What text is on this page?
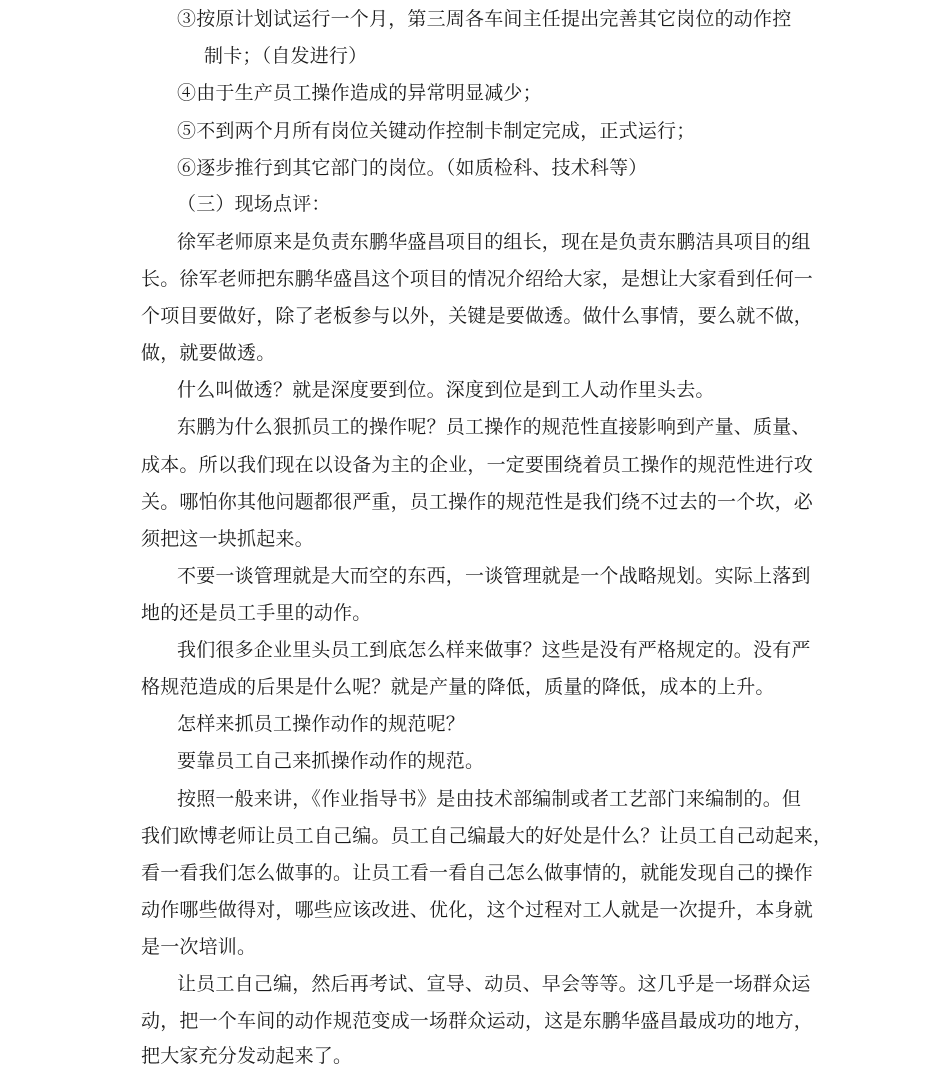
③按原计划试运行一个月，第三周各车间主任提出完善其它岗位的动作控
制卡；（自发进行）
④由于生产员工操作造成的异常明显减少；
⑤不到两个月所有岗位关键动作控制卡制定完成，正式运行；
⑥逐步推行到其它部门的岗位。（如质检科、技术科等）
（三）现场点评：
徐军老师原来是负责东鹏华盛昌项目的组长，现在是负责东鹏洁具项目的组
长。徐军老师把东鹏华盛昌这个项目的情况介绍给大家，是想让大家看到任何一
个项目要做好，除了老板参与以外，关键是要做透。做什么事情，要么就不做，
做，就要做透。
什么叫做透？就是深度要到位。深度到位是到工人动作里头去。
东鹏为什么狠抓员工的操作呢？员工操作的规范性直接影响到产量、质量、
成本。所以我们现在以设备为主的企业，一定要围绕着员工操作的规范性进行攻
关。哪怕你其他问题都很严重，员工操作的规范性是我们绕不过去的一个坎，必
须把这一块抓起来。
不要一谈管理就是大而空的东西，一谈管理就是一个战略规划。实际上落到
地的还是员工手里的动作。
我们很多企业里头员工到底怎么样来做事？这些是没有严格规定的。没有严
格规范造成的后果是什么呢？就是产量的降低，质量的降低，成本的上升。
怎样来抓员工操作动作的规范呢？
要靠员工自己来抓操作动作的规范。
按照一般来讲，《作业指导书》是由技术部编制或者工艺部门来编制的。但
我们欧博老师让员工自己编。员工自己编最大的好处是什么？让员工自己动起来，
看一看我们怎么做事的。让员工看一看自己怎么做事情的，就能发现自己的操作
动作哪些做得对，哪些应该改进、优化，这个过程对工人就是一次提升，本身就
是一次培训。
让员工自己编，然后再考试、宣导、动员、早会等等。这几乎是一场群众运
动，把一个车间的动作规范变成一场群众运动，这是东鹏华盛昌最成功的地方，
把大家充分发动起来了。
